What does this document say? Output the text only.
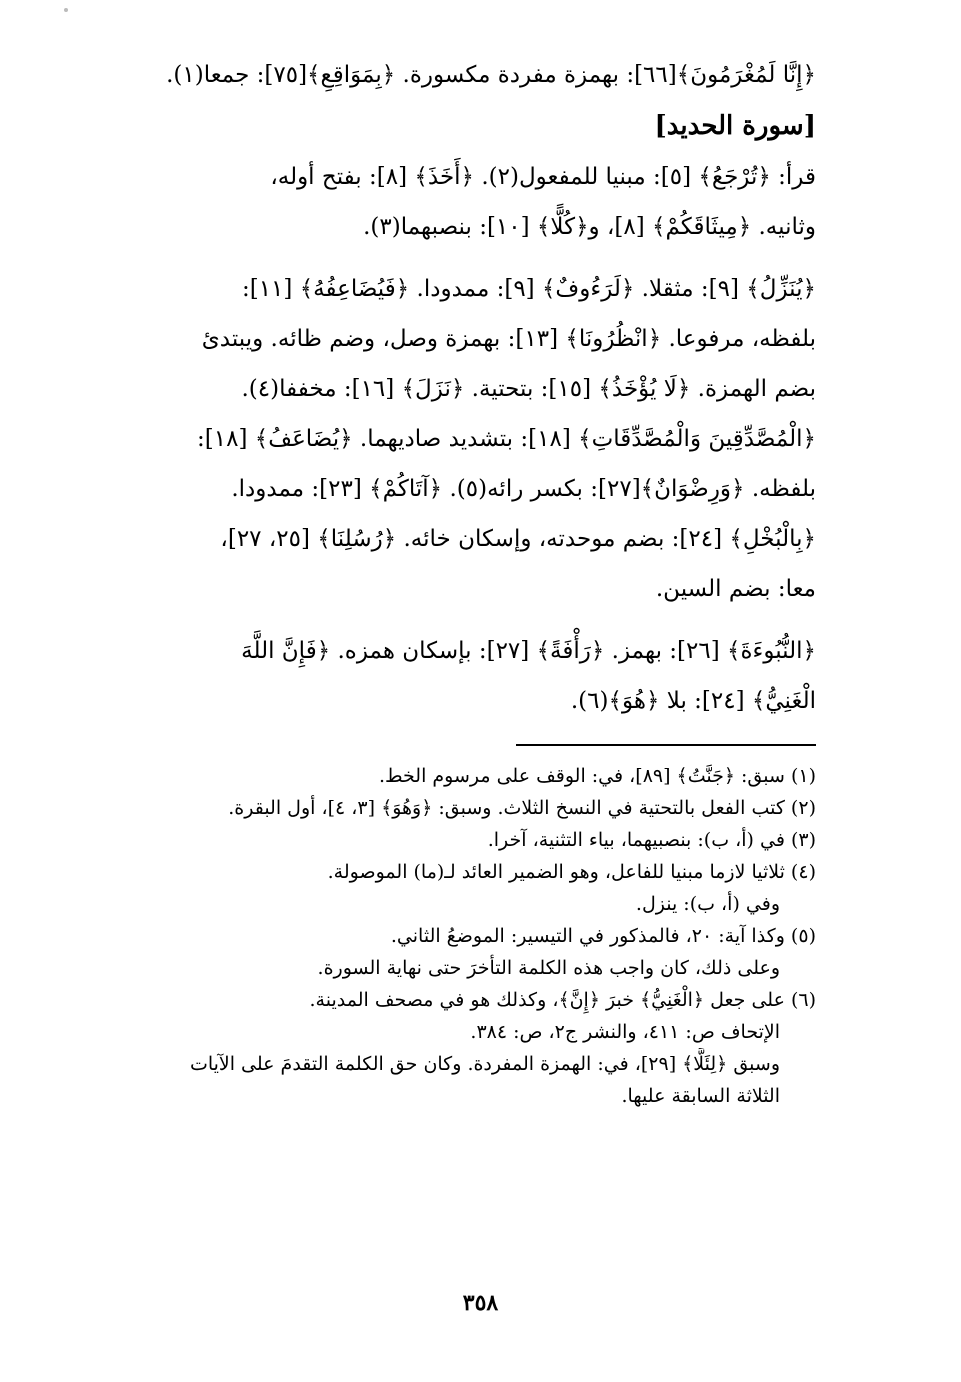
﴿إِنَّا لَمُغْرَمُونَ﴾[٦٦]: بهمزة مفردة مكسورة. ﴿بِمَوَاقِعِ﴾[٧٥]: جمعا(١).
[سورة الحديد]
قرأ: ﴿تُرْجَعُ﴾ [٥]: مبنيا للمفعول(٢). ﴿أَخَذَ﴾ [٨]: بفتح أوله،
وثانيه. ﴿مِيثَاقَكُمْ﴾ [٨]، و﴿كُلًّا﴾ [١٠]: بنصبهما(٣).
﴿يُنَزِّلُ﴾ [٩]: مثقلا. ﴿لَرَءُوفٌ﴾ [٩]: ممدودا. ﴿فَيُضَاعِفُهُ﴾ [١١]:
بلفظه، مرفوعا. ﴿انْظُرُونَا﴾ [١٣]: بهمزة وصل، وضم ظائه. ويبتدئ
بضم الهمزة. ﴿لَا يُؤْخَذُ﴾ [١٥]: بتحتية. ﴿نَزَلَ﴾ [١٦]: مخففا(٤).
﴿الْمُصَّدِّقِينَ وَالْمُصَّدِّقَاتِ﴾ [١٨]: بتشديد صاديهما. ﴿يُضَاعَفُ﴾ [١٨]:
بلفظه. ﴿وَرِضْوَانٌ﴾[٢٧]: بكسر رائه(٥). ﴿آتَاكُمْ﴾ [٢٣]: ممدودا.
﴿بِالْبُخْلِ﴾ [٢٤]: بضم موحدته، وإسكان خائه. ﴿رُسُلِنَا﴾ [٢٥، ٢٧]،
معا: بضم السين.
﴿النُّبُوءَةَ﴾ [٢٦]: بهمز. ﴿رَأْفَةً﴾ [٢٧]: بإسكان همزه. ﴿فَإِنَّ اللَّهَ
الْغَنِيُّ﴾ [٢٤]: بلا ﴿هُوَ﴾(٦).
(١) سبق: ﴿جَنَّتُ﴾ [٨٩]، في: الوقف على مرسوم الخط.
(٢) كتب الفعل بالتحتية في النسخ الثلاث. وسبق: ﴿وَهُوَ﴾ [٣، ٤]، أول البقرة.
(٣) في (أ، ب): بنصبيهما، بياء التثنية، آخرا.
(٤) ثلاثيا لازما مبنيا للفاعل، وهو الضمير العائد لـ(ما) الموصولة.
وفي (أ، ب): ينزل.
(٥) وكذا آية: ٢٠، فالمذكور في التيسير: الموضعُ الثاني.
وعلى ذلك، كان واجب هذه الكلمة التأخرَ حتى نهاية السورة.
(٦) على جعل ﴿الْغَنِيُّ﴾ خبرَ ﴿إِنَّ﴾، وكذلك هو في مصحف المدينة.
الإتحاف ص: ٤١١، والنشر ج٢، ص: ٣٨٤.
وسبق ﴿لِئَلَّا﴾ [٢٩]، في: الهمزة المفردة. وكان حق الكلمة التقدمَ على الآيات
الثلاثة السابقة عليها.
٣٥٨
